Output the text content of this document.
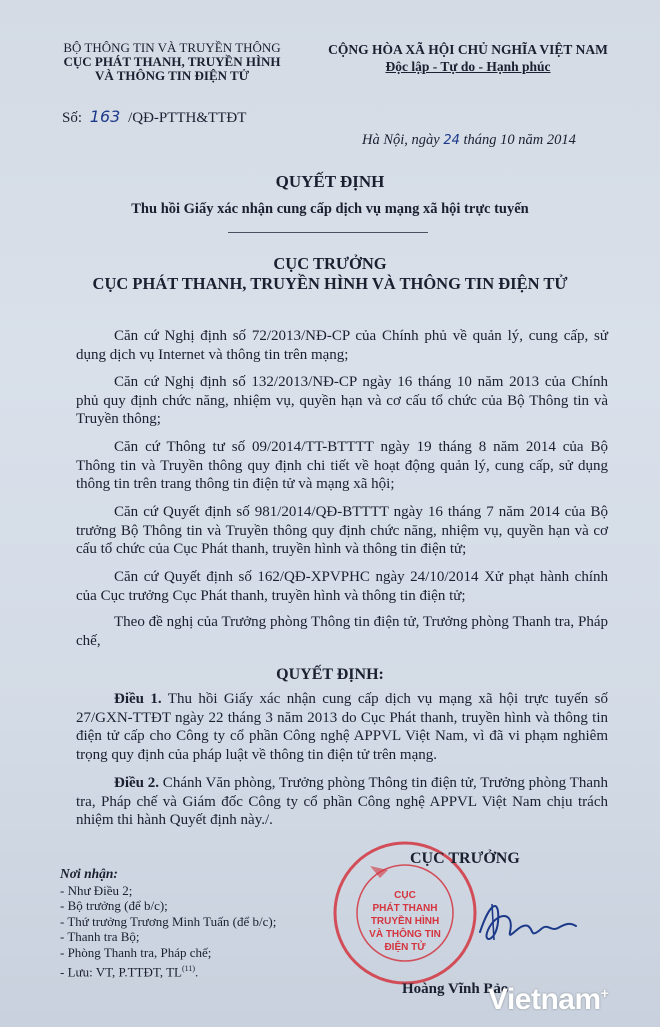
BỘ THÔNG TIN VÀ TRUYỀN THÔNG
CỤC PHÁT THANH, TRUYỀN HÌNH
VÀ THÔNG TIN ĐIỆN TỬ
CỘNG HÒA XÃ HỘI CHỦ NGHĨA VIỆT NAM
Độc lập - Tự do - Hạnh phúc
Số: 163 /QĐ-PTTH&TTĐT
Hà Nội, ngày 24 tháng 10 năm 2014
QUYẾT ĐỊNH
Thu hồi Giấy xác nhận cung cấp dịch vụ mạng xã hội trực tuyến
CỤC TRƯỞNG
CỤC PHÁT THANH, TRUYỀN HÌNH VÀ THÔNG TIN ĐIỆN TỬ
Căn cứ Nghị định số 72/2013/NĐ-CP của Chính phủ về quản lý, cung cấp, sử dụng dịch vụ Internet và thông tin trên mạng;
Căn cứ Nghị định số 132/2013/NĐ-CP ngày 16 tháng 10 năm 2013 của Chính phủ quy định chức năng, nhiệm vụ, quyền hạn và cơ cấu tổ chức của Bộ Thông tin và Truyền thông;
Căn cứ Thông tư số 09/2014/TT-BTTTT ngày 19 tháng 8 năm 2014 của Bộ Thông tin và Truyền thông quy định chi tiết về hoạt động quản lý, cung cấp, sử dụng thông tin trên trang thông tin điện tử và mạng xã hội;
Căn cứ Quyết định số 981/2014/QĐ-BTTTT ngày 16 tháng 7 năm 2014 của Bộ trưởng Bộ Thông tin và Truyền thông quy định chức năng, nhiệm vụ, quyền hạn và cơ cấu tổ chức của Cục Phát thanh, truyền hình và thông tin điện tử;
Căn cứ Quyết định số 162/QĐ-XPVPHC ngày 24/10/2014 Xử phạt hành chính của Cục trưởng Cục Phát thanh, truyền hình và thông tin điện tử;
Theo đề nghị của Trưởng phòng Thông tin điện tử, Trưởng phòng Thanh tra, Pháp chế,
QUYẾT ĐỊNH:
Điều 1. Thu hồi Giấy xác nhận cung cấp dịch vụ mạng xã hội trực tuyến số 27/GXN-TTĐT ngày 22 tháng 3 năm 2013 do Cục Phát thanh, truyền hình và thông tin điện tử cấp cho Công ty cổ phần Công nghệ APPVL Việt Nam, vì đã vi phạm nghiêm trọng quy định của pháp luật về thông tin điện tử trên mạng.
Điều 2. Chánh Văn phòng, Trưởng phòng Thông tin điện tử, Trưởng phòng Thanh tra, Pháp chế và Giám đốc Công ty cổ phần Công nghệ APPVL Việt Nam chịu trách nhiệm thi hành Quyết định này./.
Nơi nhận:
- Như Điều 2;
- Bộ trưởng (để b/c);
- Thứ trưởng Trương Minh Tuấn (để b/c);
- Thanh tra Bộ;
- Phòng Thanh tra, Pháp chế;
- Lưu: VT, P.TTĐT, TL$^{(11)}$.
CỤC
PHÁT THANH
TRUYỀN HÌNH
VÀ THÔNG TIN
ĐIỆN TỬ
CỤC TRƯỞNG
Hoàng Vĩnh Bảo
Vietnam+
